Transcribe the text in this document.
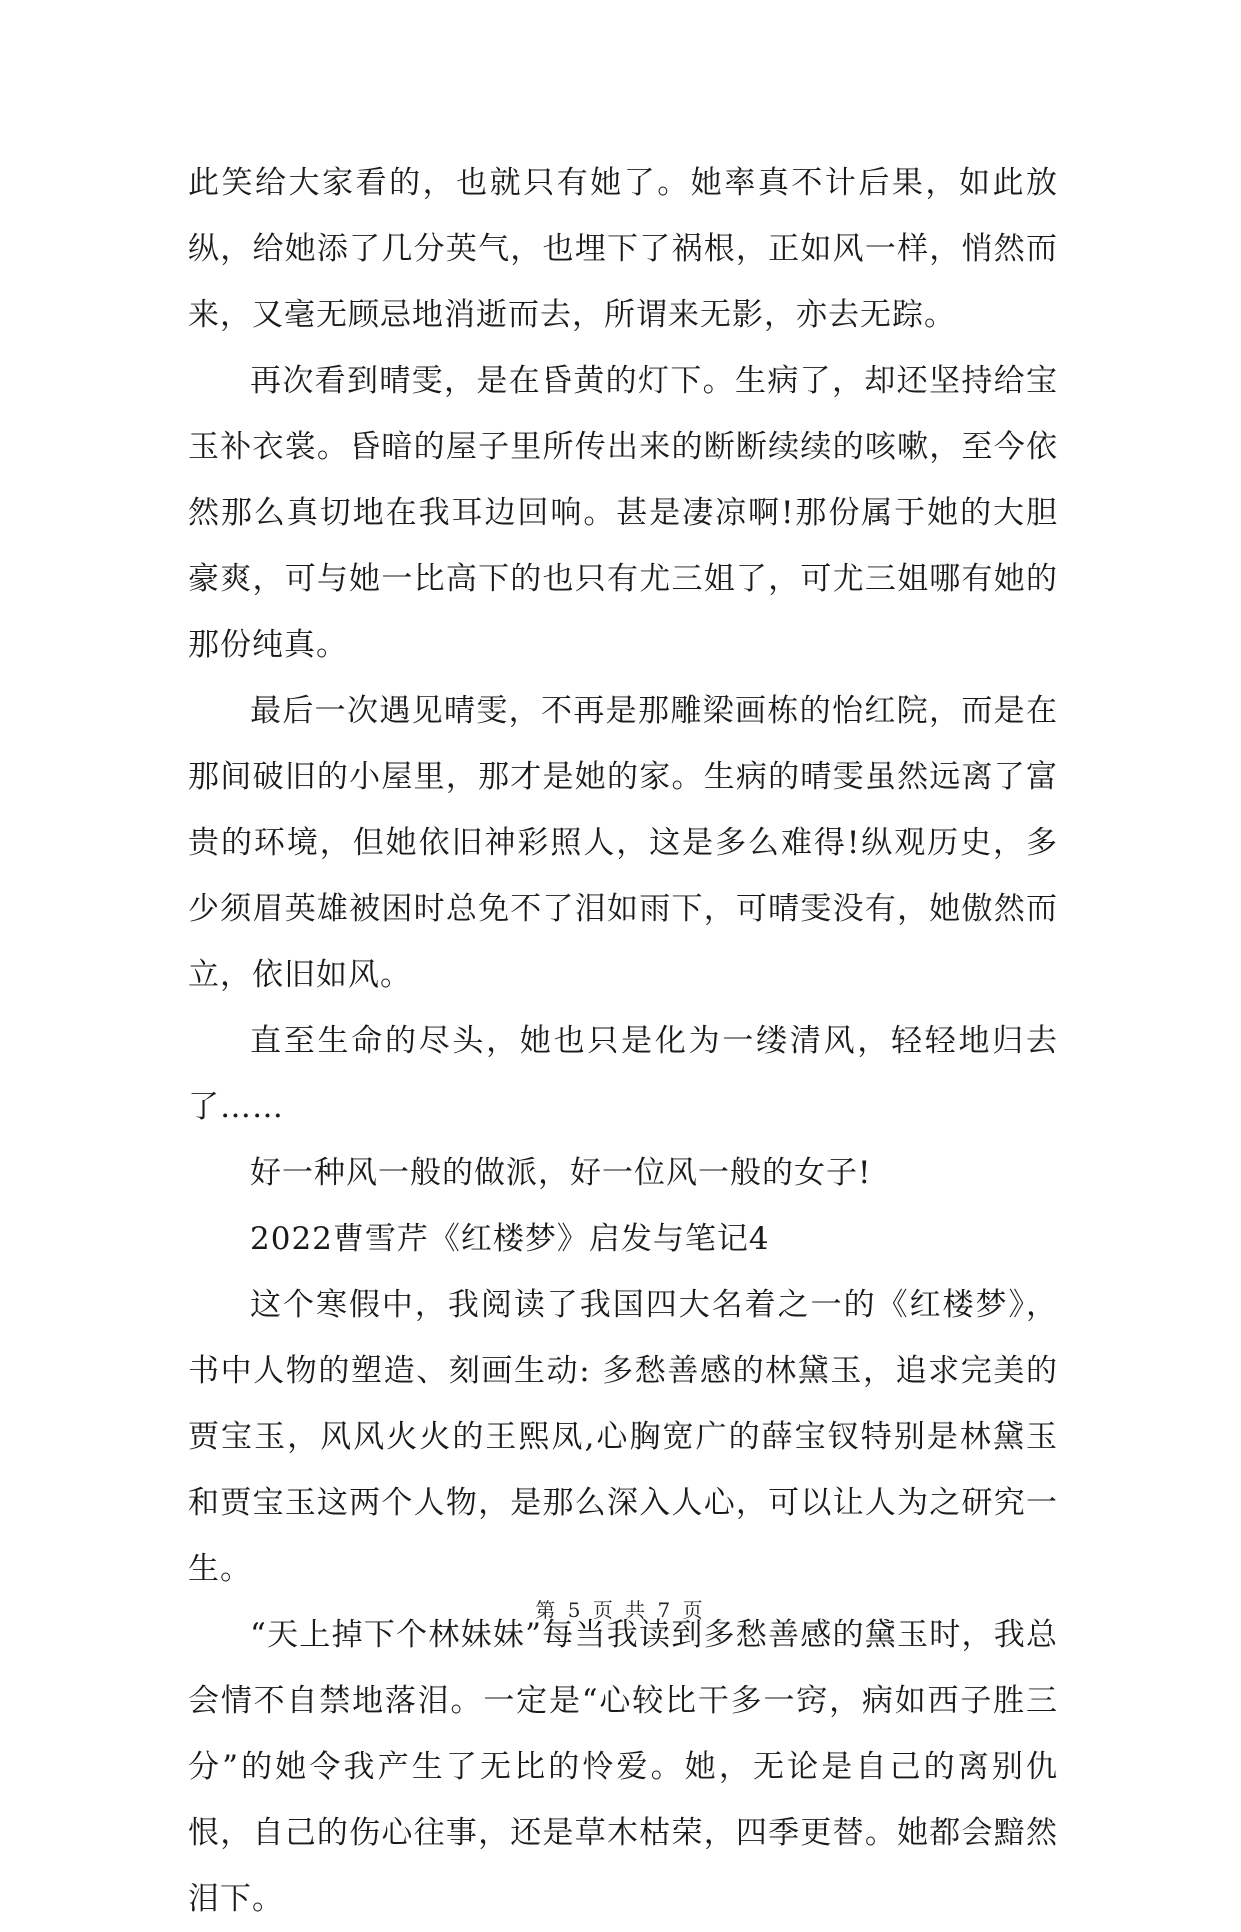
此笑给大家看的，也就只有她了。她率真不计后果，如此放纵，给她添了几分英气，也埋下了祸根，正如风一样，悄然而来，又毫无顾忌地消逝而去，所谓来无影，亦去无踪。

再次看到晴雯，是在昏黄的灯下。生病了，却还坚持给宝玉补衣裳。昏暗的屋子里所传出来的断断续续的咳嗽，至今依然那么真切地在我耳边回响。甚是凄凉啊!那份属于她的大胆豪爽，可与她一比高下的也只有尤三姐了，可尤三姐哪有她的那份纯真。

最后一次遇见晴雯，不再是那雕梁画栋的怡红院，而是在那间破旧的小屋里，那才是她的家。生病的晴雯虽然远离了富贵的环境，但她依旧神彩照人，这是多么难得!纵观历史，多少须眉英雄被困时总免不了泪如雨下，可晴雯没有，她傲然而立，依旧如风。

直至生命的尽头，她也只是化为一缕清风，轻轻地归去了……

好一种风一般的做派，好一位风一般的女子!

2022曹雪芹《红楼梦》启发与笔记4

这个寒假中，我阅读了我国四大名着之一的《红楼梦》，书中人物的塑造、刻画生动: 多愁善感的林黛玉，追求完美的贾宝玉，风风火火的王熙凤,心胸宽广的薛宝钗特别是林黛玉和贾宝玉这两个人物，是那么深入人心，可以让人为之研究一生。

“天上掉下个林妹妹”每当我读到多愁善感的黛玉时，我总会情不自禁地落泪。一定是“心较比干多一窍，病如西子胜三分”的她令我产生了无比的怜爱。她，无论是自己的离别仇恨，自己的伤心往事，还是草木枯荣，四季更替。她都会黯然泪下。

第 5 页 共 7 页
